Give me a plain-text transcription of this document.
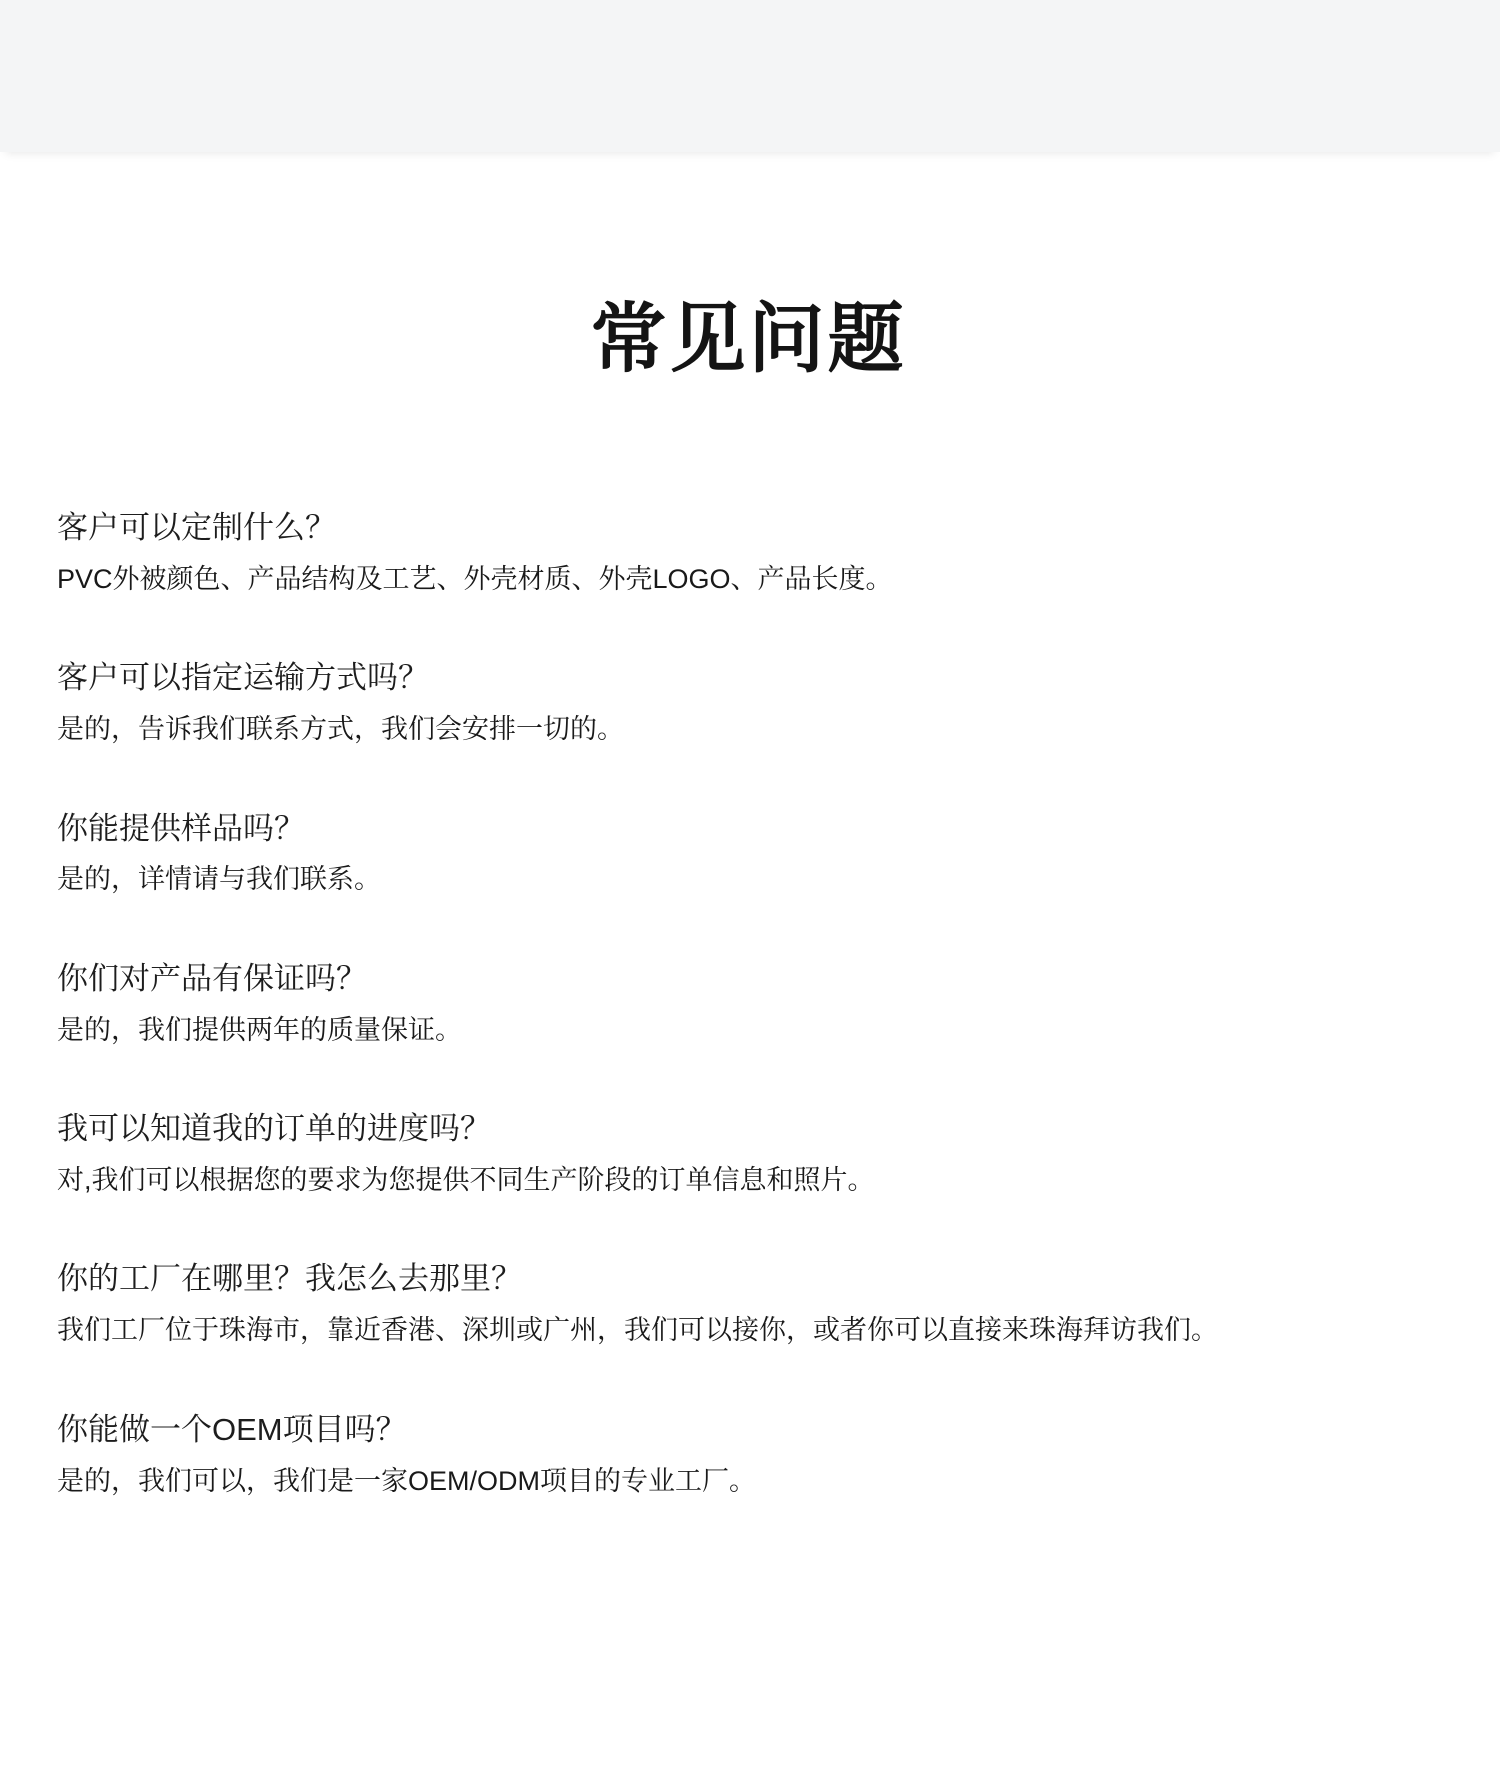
常见问题

客户可以定制什么？

PVC外被颜色、产品结构及工艺、外壳材质、外壳LOGO、产品长度。

客户可以指定运输方式吗？

是的，告诉我们联系方式，我们会安排一切的。

你能提供样品吗？

是的，详情请与我们联系。

你们对产品有保证吗？

是的，我们提供两年的质量保证。

我可以知道我的订单的进度吗？

对,我们可以根据您的要求为您提供不同生产阶段的订单信息和照片。

你的工厂在哪里？我怎么去那里？

我们工厂位于珠海市，靠近香港、深圳或广州，我们可以接你，或者你可以直接来珠海拜访我们。

你能做一个OEM项目吗？

是的，我们可以，我们是一家OEM/ODM项目的专业工厂。
